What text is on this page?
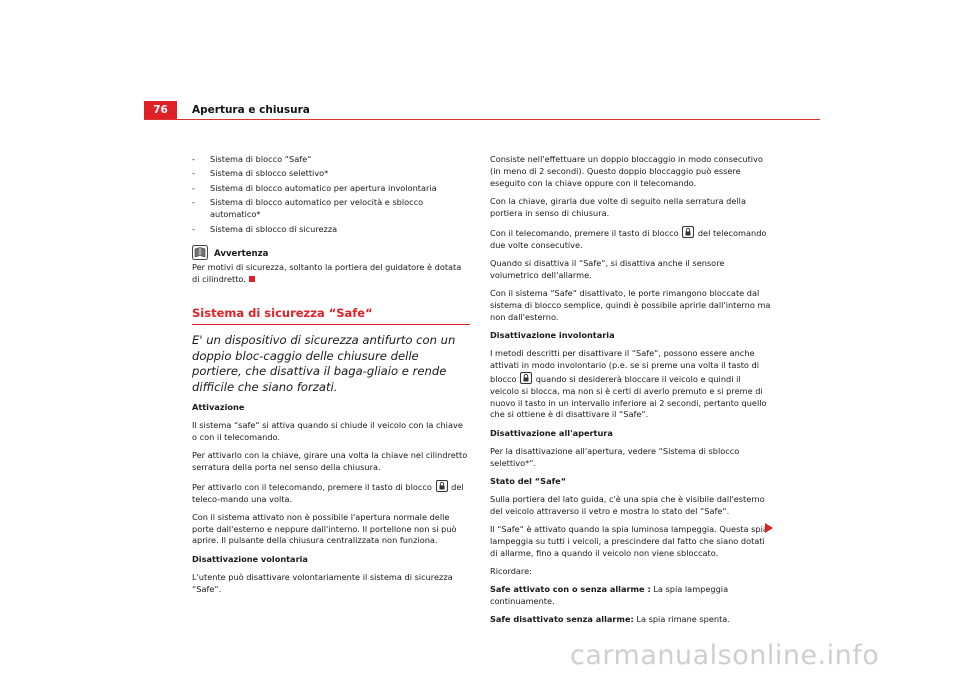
76	Apertura e chiusura
- Sistema di blocco “Safe“
- Sistema di sblocco selettivo*
- Sistema di blocco automatico per apertura involontaria
- Sistema di blocco automatico per velocità e sblocco automatico*
- Sistema di sblocco di sicurezza
Avvertenza

Per motivi di sicurezza, soltanto la portiera del guidatore è dotata di cilindretto.

Sistema di sicurezza “Safe“
E' un dispositivo di sicurezza antifurto con un doppio bloc-caggio delle chiusure delle portiere, che disattiva il baga-gliaio e rende difficile che siano forzati.

Attivazione

Il sistema “safe“ si attiva quando si chiude il veicolo con la chiave o con il telecomando.

Per attivarlo con la chiave, girare una volta la chiave nel cilindretto serratura della porta nel senso della chiusura.

Per attivarlo con il telecomando, premere il tasto di blocco del teleco-mando una volta.

Con il sistema attivato non è possibile l'apertura normale delle porte dall'esterno e neppure dall'interno. Il portellone non si può aprire. Il pulsante della chiusura centralizzata non funziona.

Disattivazione volontaria

L'utente può disattivare volontariamente il sistema di sicurezza “Safe“.

Consiste nell'effettuare un doppio bloccaggio in modo consecutivo (in meno di 2 secondi). Questo doppio bloccaggio può essere eseguito con la chiave oppure con il telecomando.

Con la chiave, girarla due volte di seguito nella serratura della portiera in senso di chiusura.

Con il telecomando, premere il tasto di blocco del telecomando due volte consecutive.

Quando si disattiva il “Safe“, si disattiva anche il sensore volumetrico dell'allarme.

Con il sistema “Safe“ disattivato, le porte rimangono bloccate dal sistema di blocco semplice, quindi è possibile aprirle dall'interno ma non dall'esterno.

Disattivazione involontaria

I metodi descritti per disattivare il “Safe“, possono essere anche attivati in modo involontario (p.e. se si preme una volta il tasto di blocco quando si desidererà bloccare il veicolo e quindi il veicolo si blocca, ma non si è certi di averlo premuto e si preme di nuovo il tasto in un intervallo inferiore ai 2 secondi, pertanto quello che si ottiene è di disattivare il “Safe“.

Disattivazione all'apertura

Per la disattivazione all'apertura, vedere “Sistema di sblocco selettivo*“.

Stato del “Safe“

Sulla portiera del lato guida, c'è una spia che è visibile dall'esterno del veicolo attraverso il vetro e mostra lo stato del “Safe“.

Il “Safe“ è attivato quando la spia luminosa lampeggia. Questa spia lampeggia su tutti i veicoli, a prescindere dal fatto che siano dotati di allarme, fino a quando il veicolo non viene sbloccato.

Ricordare:

Safe attivato con o senza allarme : La spia lampeggia continuamente.

Safe disattivato senza allarme: La spia rimane spenta.

carmanualsonline.info
